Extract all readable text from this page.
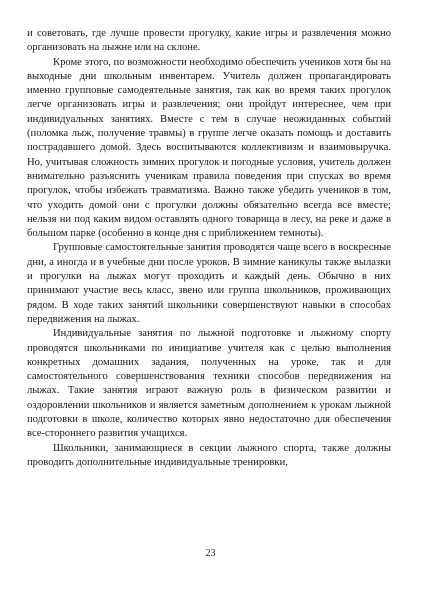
и советовать, где лучше провести прогулку, какие игры и развлечения можно организовать на лыжне или на склоне.

Кроме этого, по возможности необходимо обеспечить учеников хотя бы на выходные дни школьным инвентарем. Учитель должен пропагандировать именно групповые самодеятельные занятия, так как во время таких прогулок легче организовать игры и развлечения; они пройдут интереснее, чем при индивидуальных занятиях. Вместе с тем в случае неожиданных событий (поломка лыж, получение травмы) в группе легче оказать помощь и доставить пострадавшего домой. Здесь воспитываются коллективизм и взаимовыручка. Но, учитывая сложность зимних прогулок и погодные условия, учитель должен внимательно разъяснить ученикам правила поведения при спусках во время прогулок, чтобы избежать травматизма. Важно также убедить учеников в том, что уходить домой они с прогулки должны обязательно всегда все вместе; нельзя ни под каким видом оставлять одного товарища в лесу, на реке и даже в большом парке (особенно в конце дня с приближением темноты).

Групповые самостоятельные занятия проводятся чаще всего в воскресные дни, а иногда и в учебные дни после уроков. В зимние каникулы также вылазки и прогулки на лыжах могут проходить и каждый день. Обычно в них принимают участие весь класс, звено или группа школьников, проживающих рядом. В ходе таких занятий школьники совершенствуют навыки в способах передвижения на лыжах.

Индивидуальные занятия по лыжной подготовке и лыжному спорту проводятся школьниками по инициативе учителя как с целью выполнения конкретных домашних задания, полученных на уроке, так и для самостоятельного совершенствования техники способов передвижения на лыжах. Такие занятия играют важную роль в физическом развитии и оздоровлении школьников и является заметным дополнением к урокам лыжной подготовки в школе, количество которых явно недостаточно для обеспечения все-стороннего развития учащихся.

Школьники, занимающиеся в секции лыжного спорта, также должны проводить дополнительные индивидуальные тренировки,

23
